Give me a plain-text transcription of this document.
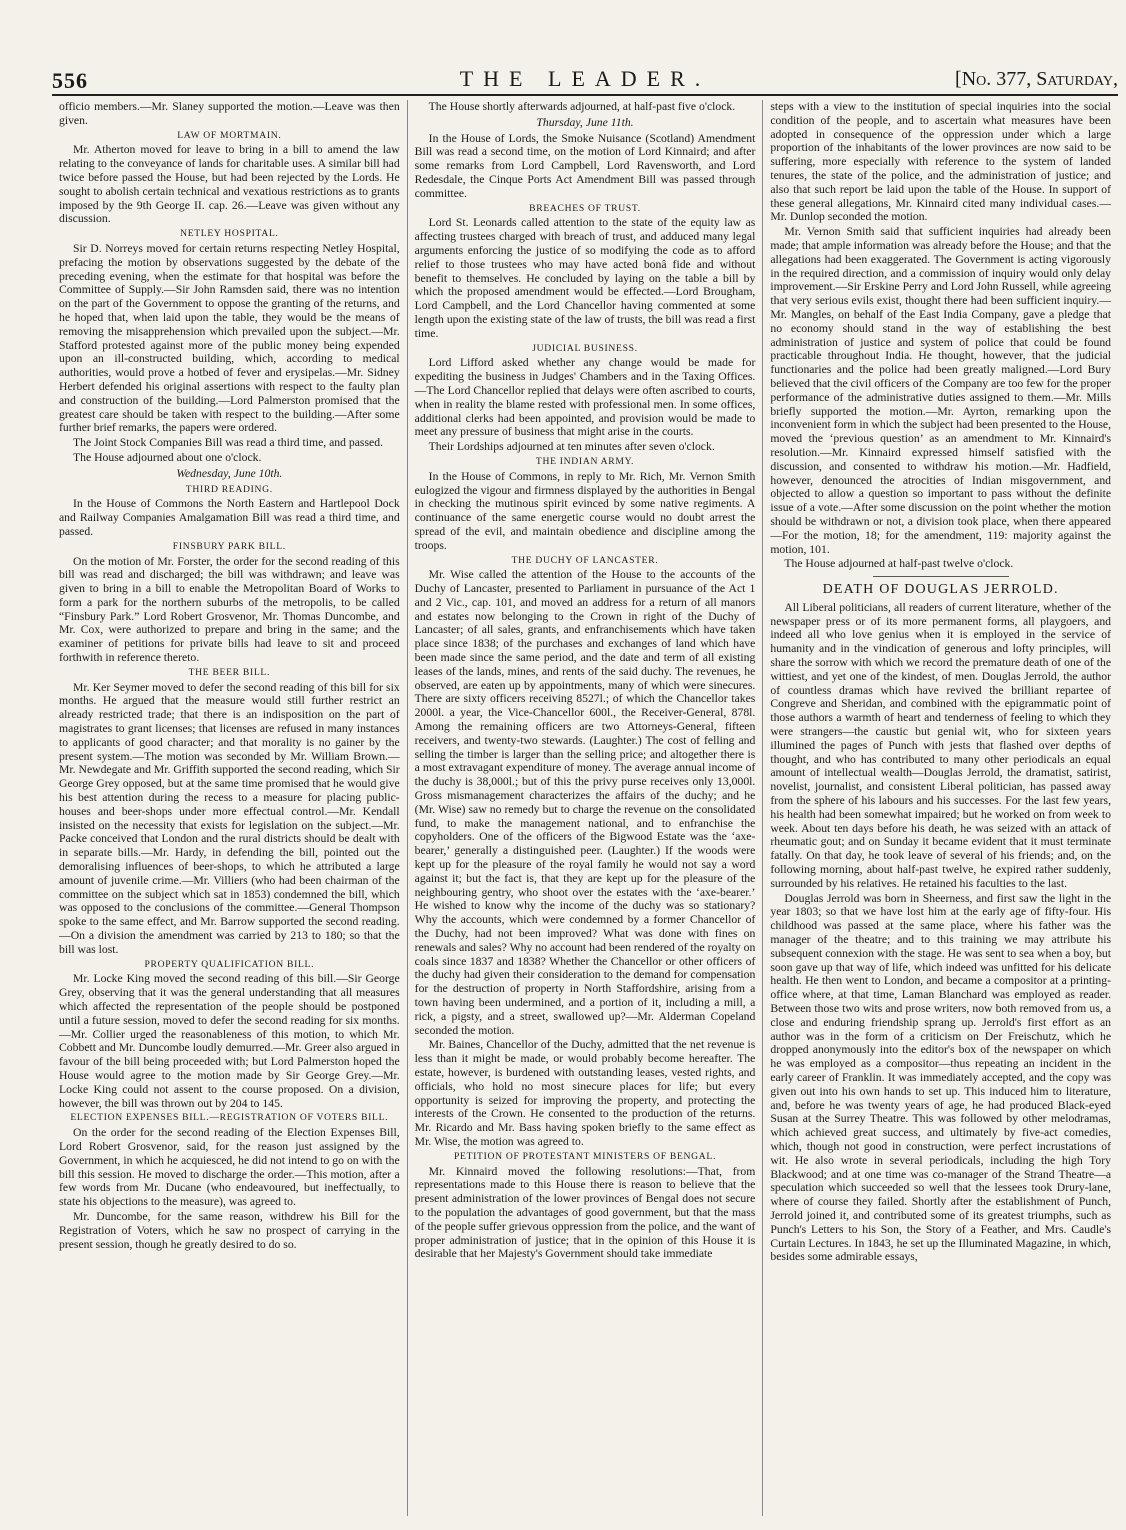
556	THE LEADER.	[No. 377, Saturday,

officio members.—Mr. Slaney supported the motion.—Leave was then given.

LAW OF MORTMAIN.

Mr. Atherton moved for leave to bring in a bill to amend the law relating to the conveyance of lands for charitable uses. A similar bill had twice before passed the House, but had been rejected by the Lords. He sought to abolish certain technical and vexatious restrictions as to grants imposed by the 9th George II. cap. 26.—Leave was given without any discussion.

NETLEY HOSPITAL.

Sir D. Norreys moved for certain returns respecting Netley Hospital, prefacing the motion by observations suggested by the debate of the preceding evening, when the estimate for that hospital was before the Committee of Supply.—Sir John Ramsden said, there was no intention on the part of the Government to oppose the granting of the returns, and he hoped that, when laid upon the table, they would be the means of removing the misapprehension which prevailed upon the subject.—Mr. Stafford protested against more of the public money being expended upon an ill-constructed building, which, according to medical authorities, would prove a hotbed of fever and erysipelas.—Mr. Sidney Herbert defended his original assertions with respect to the faulty plan and construction of the building.—Lord Palmerston promised that the greatest care should be taken with respect to the building.—After some further brief remarks, the papers were ordered.

The Joint Stock Companies Bill was read a third time, and passed.

The House adjourned about one o'clock.

Wednesday, June 10th.
THIRD READING.

In the House of Commons the North Eastern and Hartlepool Dock and Railway Companies Amalgamation Bill was read a third time, and passed.

FINSBURY PARK BILL.

On the motion of Mr. Forster, the order for the second reading of this bill was read and discharged; the bill was withdrawn; and leave was given to bring in a bill to enable the Metropolitan Board of Works to form a park for the northern suburbs of the metropolis, to be called “Finsbury Park.” Lord Robert Grosvenor, Mr. Thomas Duncombe, and Mr. Cox, were authorized to prepare and bring in the same; and the examiner of petitions for private bills had leave to sit and proceed forthwith in reference thereto.

THE BEER BILL.

Mr. Ker Seymer moved to defer the second reading of this bill for six months. He argued that the measure would still further restrict an already restricted trade; that there is an indisposition on the part of magistrates to grant licenses; that licenses are refused in many instances to applicants of good character; and that morality is no gainer by the present system.—The motion was seconded by Mr. William Brown.—Mr. Newdegate and Mr. Griffith supported the second reading, which Sir George Grey opposed, but at the same time promised that he would give his best attention during the recess to a measure for placing public-houses and beer-shops under more effectual control.—Mr. Kendall insisted on the necessity that exists for legislation on the subject.—Mr. Packe conceived that London and the rural districts should be dealt with in separate bills.—Mr. Hardy, in defending the bill, pointed out the demoralising influences of beer-shops, to which he attributed a large amount of juvenile crime.—Mr. Villiers (who had been chairman of the committee on the subject which sat in 1853) condemned the bill, which was opposed to the conclusions of the committee.—General Thompson spoke to the same effect, and Mr. Barrow supported the second reading.—On a division the amendment was carried by 213 to 180; so that the bill was lost.

PROPERTY QUALIFICATION BILL.

Mr. Locke King moved the second reading of this bill.—Sir George Grey, observing that it was the general understanding that all measures which affected the representation of the people should be postponed until a future session, moved to defer the second reading for six months.—Mr. Collier urged the reasonableness of this motion, to which Mr. Cobbett and Mr. Duncombe loudly demurred.—Mr. Greer also argued in favour of the bill being proceeded with; but Lord Palmerston hoped the House would agree to the motion made by Sir George Grey.—Mr. Locke King could not assent to the course proposed. On a division, however, the bill was thrown out by 204 to 145.

ELECTION EXPENSES BILL.—REGISTRATION OF VOTERS BILL.

On the order for the second reading of the Election Expenses Bill, Lord Robert Grosvenor, said, for the reason just assigned by the Government, in which he acquiesced, he did not intend to go on with the bill this session. He moved to discharge the order.—This motion, after a few words from Mr. Ducane (who endeavoured, but ineffectually, to state his objections to the measure), was agreed to.

Mr. Duncombe, for the same reason, withdrew his Bill for the Registration of Voters, which he saw no prospect of carrying in the present session, though he greatly desired to do so.

The House shortly afterwards adjourned, at half-past five o'clock.

Thursday, June 11th.

In the House of Lords, the Smoke Nuisance (Scotland) Amendment Bill was read a second time, on the motion of Lord Kinnaird; and after some remarks from Lord Campbell, Lord Ravensworth, and Lord Redesdale, the Cinque Ports Act Amendment Bill was passed through committee.

BREACHES OF TRUST.

Lord St. Leonards called attention to the state of the equity law as affecting trustees charged with breach of trust, and adduced many legal arguments enforcing the justice of so modifying the code as to afford relief to those trustees who may have acted bonâ fide and without benefit to themselves. He concluded by laying on the table a bill by which the proposed amendment would be effected.—Lord Brougham, Lord Campbell, and the Lord Chancellor having commented at some length upon the existing state of the law of trusts, the bill was read a first time.

JUDICIAL BUSINESS.

Lord Lifford asked whether any change would be made for expediting the business in Judges' Chambers and in the Taxing Offices.—The Lord Chancellor replied that delays were often ascribed to courts, when in reality the blame rested with professional men. In some offices, additional clerks had been appointed, and provision would be made to meet any pressure of business that might arise in the courts.

Their Lordships adjourned at ten minutes after seven o'clock.

THE INDIAN ARMY.

In the House of Commons, in reply to Mr. Rich, Mr. Vernon Smith eulogized the vigour and firmness displayed by the authorities in Bengal in checking the mutinous spirit evinced by some native regiments. A continuance of the same energetic course would no doubt arrest the spread of the evil, and maintain obedience and discipline among the troops.

THE DUCHY OF LANCASTER.

Mr. Wise called the attention of the House to the accounts of the Duchy of Lancaster, presented to Parliament in pursuance of the Act 1 and 2 Vic., cap. 101, and moved an address for a return of all manors and estates now belonging to the Crown in right of the Duchy of Lancaster; of all sales, grants, and enfranchisements which have taken place since 1838; of the purchases and exchanges of land which have been made since the same period, and the date and term of all existing leases of the lands, mines, and rents of the said duchy. The revenues, he observed, are eaten up by appointments, many of which were sinecures. There are sixty officers receiving 8527l.; of which the Chancellor takes 2000l. a year, the Vice-Chancellor 600l., the Receiver-General, 878l. Among the remaining officers are two Attorneys-General, fifteen receivers, and twenty-two stewards. (Laughter.) The cost of felling and selling the timber is larger than the selling price; and altogether there is a most extravagant expenditure of money. The average annual income of the duchy is 38,000l.; but of this the privy purse receives only 13,000l. Gross mismanagement characterizes the affairs of the duchy; and he (Mr. Wise) saw no remedy but to charge the revenue on the consolidated fund, to make the management national, and to enfranchise the copyholders. One of the officers of the Bigwood Estate was the ‘axe-bearer,’ generally a distinguished peer. (Laughter.) If the woods were kept up for the pleasure of the royal family he would not say a word against it; but the fact is, that they are kept up for the pleasure of the neighbouring gentry, who shoot over the estates with the ‘axe-bearer.’ He wished to know why the income of the duchy was so stationary? Why the accounts, which were condemned by a former Chancellor of the Duchy, had not been improved? What was done with fines on renewals and sales? Why no account had been rendered of the royalty on coals since 1837 and 1838? Whether the Chancellor or other officers of the duchy had given their consideration to the demand for compensation for the destruction of property in North Staffordshire, arising from a town having been undermined, and a portion of it, including a mill, a rick, a pigsty, and a street, swallowed up?—Mr. Alderman Copeland seconded the motion.

Mr. Baines, Chancellor of the Duchy, admitted that the net revenue is less than it might be made, or would probably become hereafter. The estate, however, is burdened with outstanding leases, vested rights, and officials, who hold no most sinecure places for life; but every opportunity is seized for improving the property, and protecting the interests of the Crown. He consented to the production of the returns. Mr. Ricardo and Mr. Bass having spoken briefly to the same effect as Mr. Wise, the motion was agreed to.

PETITION OF PROTESTANT MINISTERS OF BENGAL.

Mr. Kinnaird moved the following resolutions:—That, from representations made to this House there is reason to believe that the present administration of the lower provinces of Bengal does not secure to the population the advantages of good government, but that the mass of the people suffer grievous oppression from the police, and the want of proper administration of justice; that in the opinion of this House it is desirable that her Majesty's Government should take immediate

steps with a view to the institution of special inquiries into the social condition of the people, and to ascertain what measures have been adopted in consequence of the oppression under which a large proportion of the inhabitants of the lower provinces are now said to be suffering, more especially with reference to the system of landed tenures, the state of the police, and the administration of justice; and also that such report be laid upon the table of the House. In support of these general allegations, Mr. Kinnaird cited many individual cases.—Mr. Dunlop seconded the motion.

Mr. Vernon Smith said that sufficient inquiries had already been made; that ample information was already before the House; and that the allegations had been exaggerated. The Government is acting vigorously in the required direction, and a commission of inquiry would only delay improvement.—Sir Erskine Perry and Lord John Russell, while agreeing that very serious evils exist, thought there had been sufficient inquiry.—Mr. Mangles, on behalf of the East India Company, gave a pledge that no economy should stand in the way of establishing the best administration of justice and system of police that could be found practicable throughout India. He thought, however, that the judicial functionaries and the police had been greatly maligned.—Lord Bury believed that the civil officers of the Company are too few for the proper performance of the administrative duties assigned to them.—Mr. Mills briefly supported the motion.—Mr. Ayrton, remarking upon the inconvenient form in which the subject had been presented to the House, moved the ‘previous question’ as an amendment to Mr. Kinnaird's resolution.—Mr. Kinnaird expressed himself satisfied with the discussion, and consented to withdraw his motion.—Mr. Hadfield, however, denounced the atrocities of Indian misgovernment, and objected to allow a question so important to pass without the definite issue of a vote.—After some discussion on the point whether the motion should be withdrawn or not, a division took place, when there appeared—For the motion, 18; for the amendment, 119: majority against the motion, 101.

The House adjourned at half-past twelve o'clock.

DEATH OF DOUGLAS JERROLD.

All Liberal politicians, all readers of current literature, whether of the newspaper press or of its more permanent forms, all playgoers, and indeed all who love genius when it is employed in the service of humanity and in the vindication of generous and lofty principles, will share the sorrow with which we record the premature death of one of the wittiest, and yet one of the kindest, of men. Douglas Jerrold, the author of countless dramas which have revived the brilliant repartee of Congreve and Sheridan, and combined with the epigrammatic point of those authors a warmth of heart and tenderness of feeling to which they were strangers—the caustic but genial wit, who for sixteen years illumined the pages of Punch with jests that flashed over depths of thought, and who has contributed to many other periodicals an equal amount of intellectual wealth—Douglas Jerrold, the dramatist, satirist, novelist, journalist, and consistent Liberal politician, has passed away from the sphere of his labours and his successes. For the last few years, his health had been somewhat impaired; but he worked on from week to week. About ten days before his death, he was seized with an attack of rheumatic gout; and on Sunday it became evident that it must terminate fatally. On that day, he took leave of several of his friends; and, on the following morning, about half-past twelve, he expired rather suddenly, surrounded by his relatives. He retained his faculties to the last.

Douglas Jerrold was born in Sheerness, and first saw the light in the year 1803; so that we have lost him at the early age of fifty-four. His childhood was passed at the same place, where his father was the manager of the theatre; and to this training we may attribute his subsequent connexion with the stage. He was sent to sea when a boy, but soon gave up that way of life, which indeed was unfitted for his delicate health. He then went to London, and became a compositor at a printing-office where, at that time, Laman Blanchard was employed as reader. Between those two wits and prose writers, now both removed from us, a close and enduring friendship sprang up. Jerrold's first effort as an author was in the form of a criticism on Der Freischutz, which he dropped anonymously into the editor's box of the newspaper on which he was employed as a compositor—thus repeating an incident in the early career of Franklin. It was immediately accepted, and the copy was given out into his own hands to set up. This induced him to literature, and, before he was twenty years of age, he had produced Black-eyed Susan at the Surrey Theatre. This was followed by other melodramas, which achieved great success, and ultimately by five-act comedies, which, though not good in construction, were perfect incrustations of wit. He also wrote in several periodicals, including the high Tory Blackwood; and at one time was co-manager of the Strand Theatre—a speculation which succeeded so well that the lessees took Drury-lane, where of course they failed. Shortly after the establishment of Punch, Jerrold joined it, and contributed some of its greatest triumphs, such as Punch's Letters to his Son, the Story of a Feather, and Mrs. Caudle's Curtain Lectures. In 1843, he set up the Illuminated Magazine, in which, besides some admirable essays,
